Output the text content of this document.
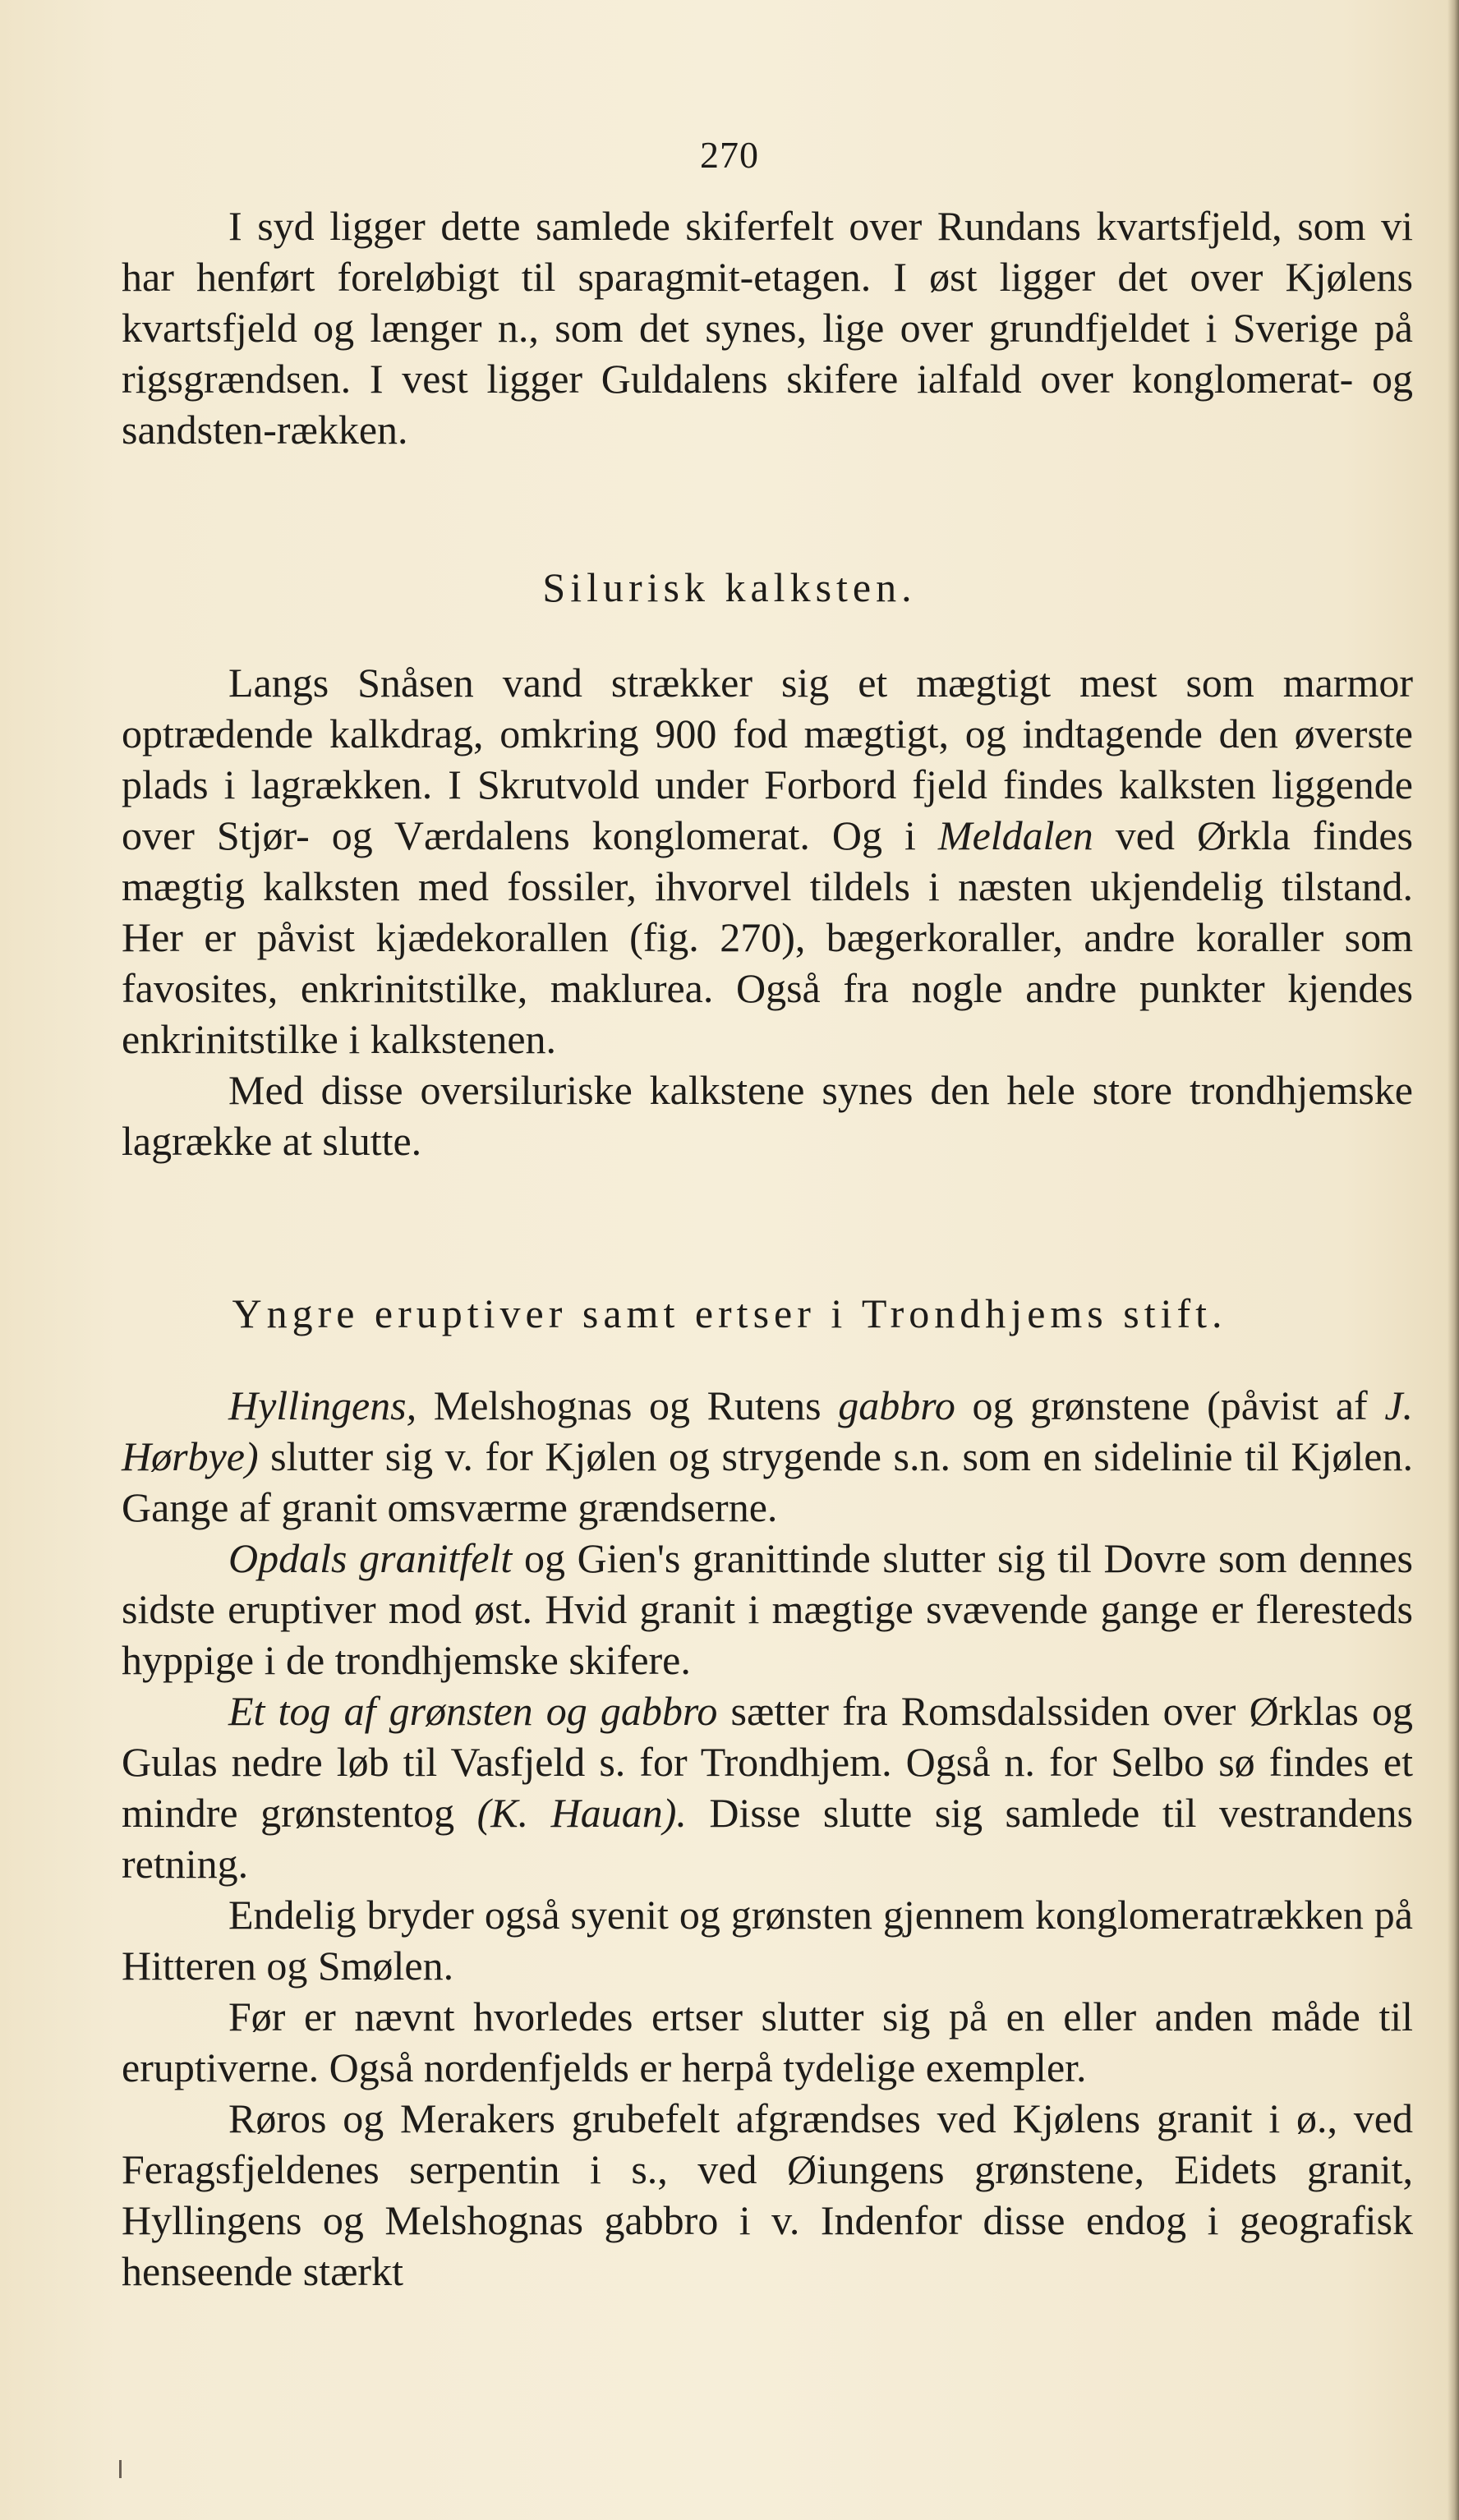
270

I syd ligger dette samlede skiferfelt over Rundans kvartsfjeld, som vi har henført foreløbigt til sparagmit-etagen. I øst ligger det over Kjølens kvartsfjeld og længer n., som det synes, lige over grundfjeldet i Sverige på rigsgrændsen. I vest ligger Guldalens skifere ialfald over konglomerat- og sandsten-rækken.

Silurisk kalksten.

Langs Snåsen vand strækker sig et mægtigt mest som marmor optrædende kalkdrag, omkring 900 fod mægtigt, og indtagende den øverste plads i lagrækken. I Skrutvold under Forbord fjeld findes kalksten liggende over Stjør- og Værdalens konglomerat. Og i Meldalen ved Ørkla findes mægtig kalksten med fossiler, ihvorvel tildels i næsten ukjendelig tilstand. Her er påvist kjædekorallen (fig. 270), bægerkoraller, andre koraller som favosites, enkrinitstilke, maklurea. Også fra nogle andre punkter kjendes enkrinitstilke i kalkstenen.

Med disse oversiluriske kalkstene synes den hele store trondhjemske lagrække at slutte.

Yngre eruptiver samt ertser i Trondhjems stift.

Hyllingens, Melshognas og Rutens gabbro og grønstene (påvist af J. Hørbye) slutter sig v. for Kjølen og strygende s.n. som en sidelinie til Kjølen. Gange af granit omsværme grændserne.

Opdals granitfelt og Gien's granittinde slutter sig til Dovre som dennes sidste eruptiver mod øst. Hvid granit i mægtige svævende gange er fleresteds hyppige i de trondhjemske skifere.

Et tog af grønsten og gabbro sætter fra Romsdalssiden over Ørklas og Gulas nedre løb til Vasfjeld s. for Trondhjem. Også n. for Selbo sø findes et mindre grønstentog (K. Hauan). Disse slutte sig samlede til vestrandens retning.

Endelig bryder også syenit og grønsten gjennem konglomeratrækken på Hitteren og Smølen.

Før er nævnt hvorledes ertser slutter sig på en eller anden måde til eruptiverne. Også nordenfjelds er herpå tydelige exempler.

Røros og Merakers grubefelt afgrændses ved Kjølens granit i ø., ved Feragsfjeldenes serpentin i s., ved Øiungens grønstene, Eidets granit, Hyllingens og Melshognas gabbro i v. Indenfor disse endog i geografisk henseende stærkt
